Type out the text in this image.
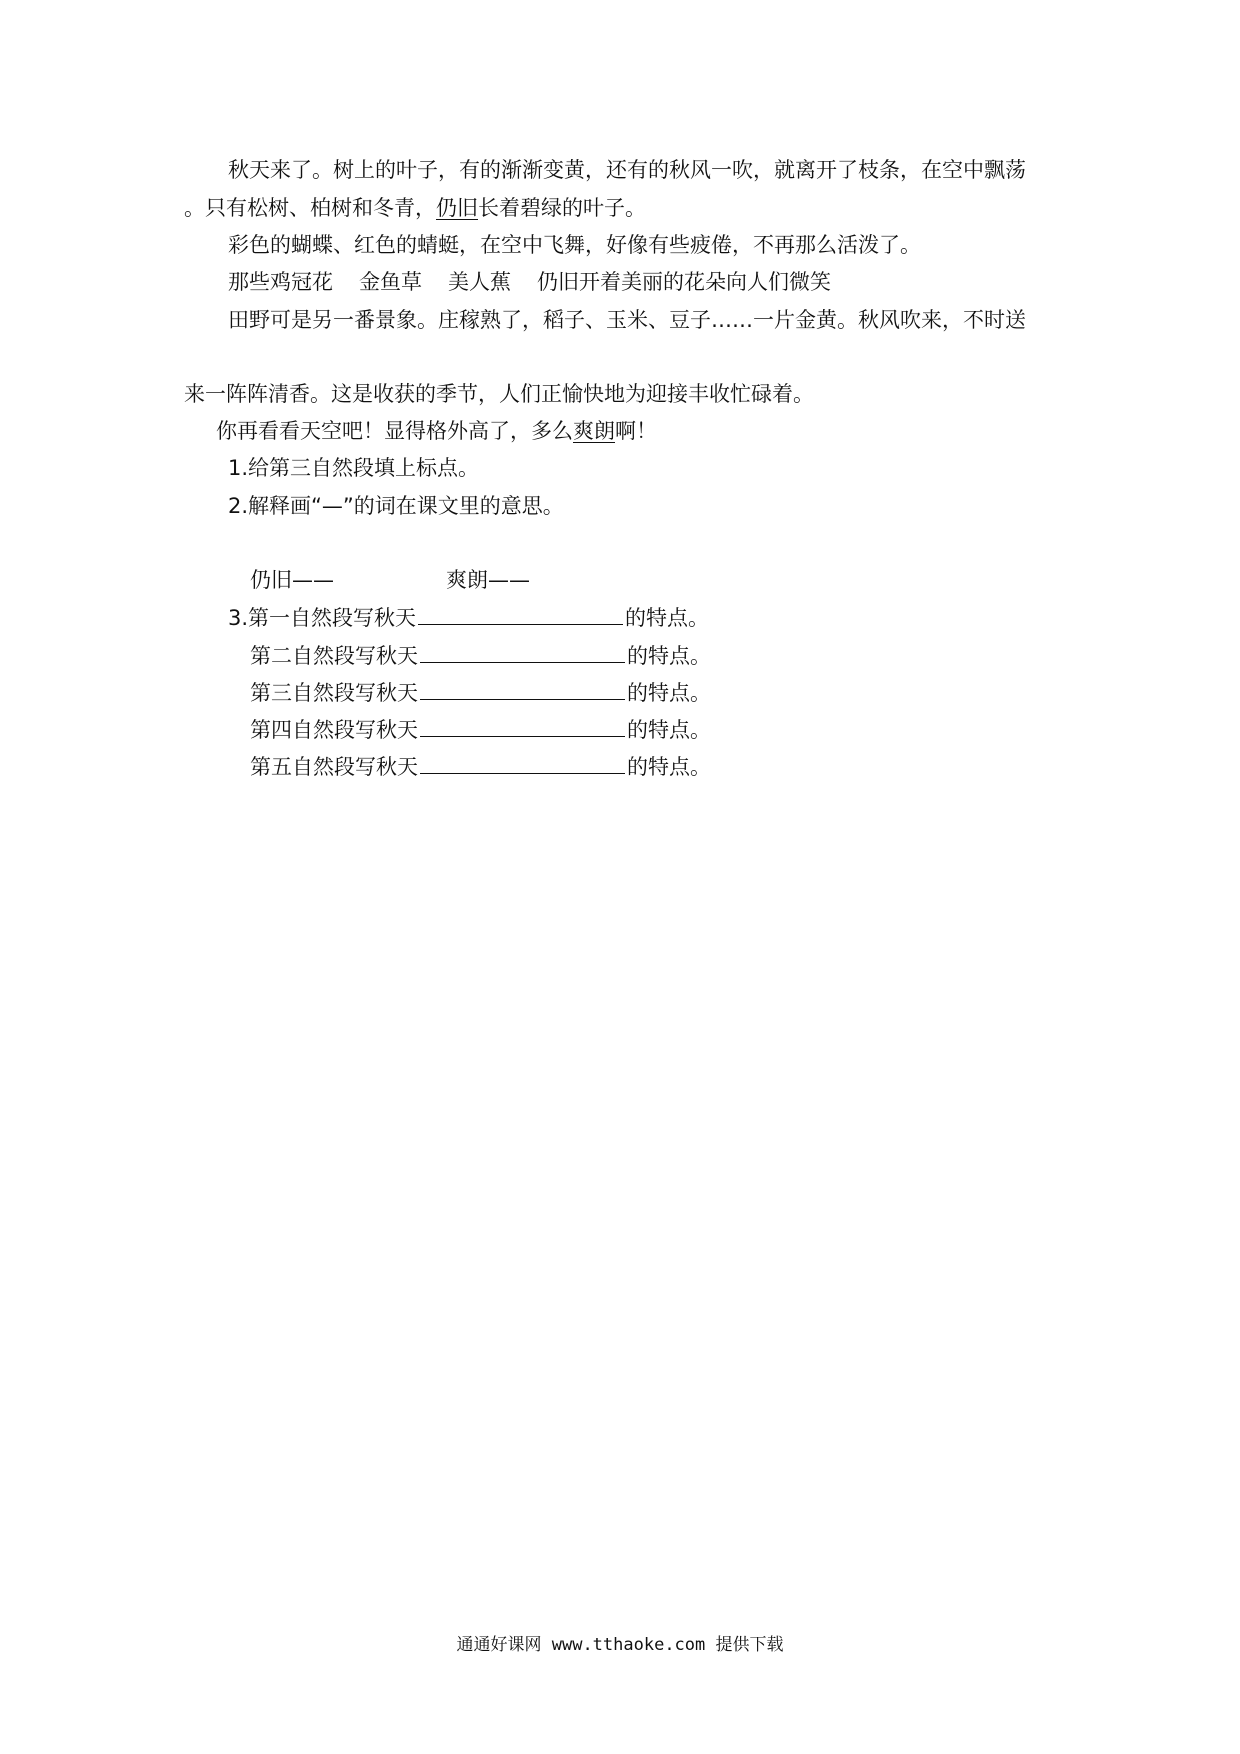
秋天来了。树上的叶子，有的渐渐变黄，还有的秋风一吹，就离开了枝条，在空中飘荡
。只有松树、柏树和冬青，仍旧长着碧绿的叶子。
彩色的蝴蝶、红色的蜻蜓，在空中飞舞，好像有些疲倦，不再那么活泼了。
那些鸡冠花 金鱼草 美人蕉 仍旧开着美丽的花朵向人们微笑
田野可是另一番景象。庄稼熟了，稻子、玉米、豆子……一片金黄。秋风吹来，不时送
来一阵阵清香。这是收获的季节，人们正愉快地为迎接丰收忙碌着。
你再看看天空吧！显得格外高了，多么爽朗啊！
1.给第三自然段填上标点。
2.解释画“—”的词在课文里的意思。
仍旧——	爽朗——
3.第一自然段写秋天	的特点。
第二自然段写秋天	的特点。
第三自然段写秋天	的特点。
第四自然段写秋天	的特点。
第五自然段写秋天	的特点。
通通好课网 www.tthaoke.com 提供下载
